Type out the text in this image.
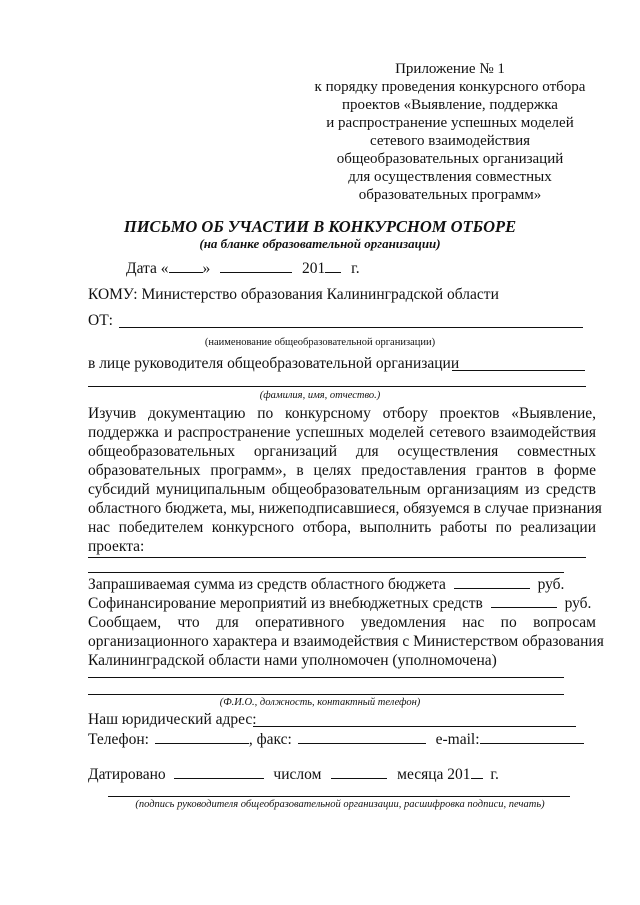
Приложение № 1
к порядку проведения конкурсного отбора
проектов «Выявление, поддержка
и распространение успешных моделей
сетевого взаимодействия
общеобразовательных организаций
для осуществления совместных
образовательных программ»
ПИСЬМО ОБ УЧАСТИИ В КОНКУРСНОМ ОТБОРЕ
(на бланке образовательной организации)
Дата « »	201 г.
КОМУ: Министерство образования Калининградской области
ОТ:
(наименование общеобразовательной организации)
в лице руководителя общеобразовательной организации
(фамилия, имя, отчество.)
Изучив документацию по конкурсному отбору проектов «Выявление,
поддержка и распространение успешных моделей сетевого взаимодействия
общеобразовательных организаций для осуществления совместных
образовательных программ», в целях предоставления грантов в форме
субсидий муниципальным общеобразовательным организациям из средств
областного бюджета, мы, нижеподписавшиеся, обязуемся в случае признания
нас победителем конкурсного отбора, выполнить работы по реализации
проекта:
Запрашиваемая сумма из средств областного бюджета	руб.
Софинансирование мероприятий из внебюджетных средств	руб.
Сообщаем, что для оперативного уведомления нас по вопросам
организационного характера и взаимодействия с Министерством образования
Калининградской области нами уполномочен (уполномочена)
(Ф.И.О., должность, контактный телефон)
Наш юридический адрес:
Телефон:	, факс:	e-mail:
Датировано	числом	месяца 201 г.
(подпись руководителя общеобразовательной организации, расшифровка подписи, печать)
